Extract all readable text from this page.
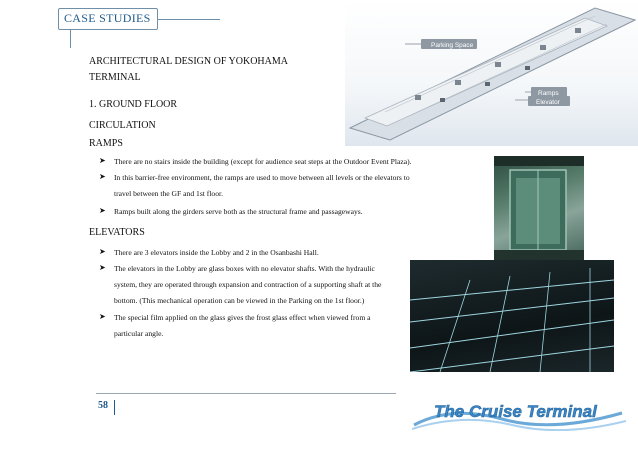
CASE STUDIES
Parking Space
Ramps
Elevator
ARCHITECTURAL DESIGN OF YOKOHAMA
TERMINAL
1. GROUND FLOOR
CIRCULATION
RAMPS
➤ There are no stairs inside the building (except for audience seat steps at the Outdoor Event Plaza).
➤ In this barrier-free environment, the ramps are used to move between all levels or the elevators to
travel between the GF and 1st floor.
➤ Ramps built along the girders serve both as the structural frame and passageways.
ELEVATORS
➤ There are 3 elevators inside the Lobby and 2 in the Osanbashi Hall.
➤ The elevators in the Lobby are glass boxes with no elevator shafts. With the hydraulic
system, they are operated through expansion and contraction of a supporting shaft at the
bottom. (This mechanical operation can be viewed in the Parking on the 1st floor.)
➤ The special film applied on the glass gives the frost glass effect when viewed from a
particular angle.
58	The Cruise Terminal
